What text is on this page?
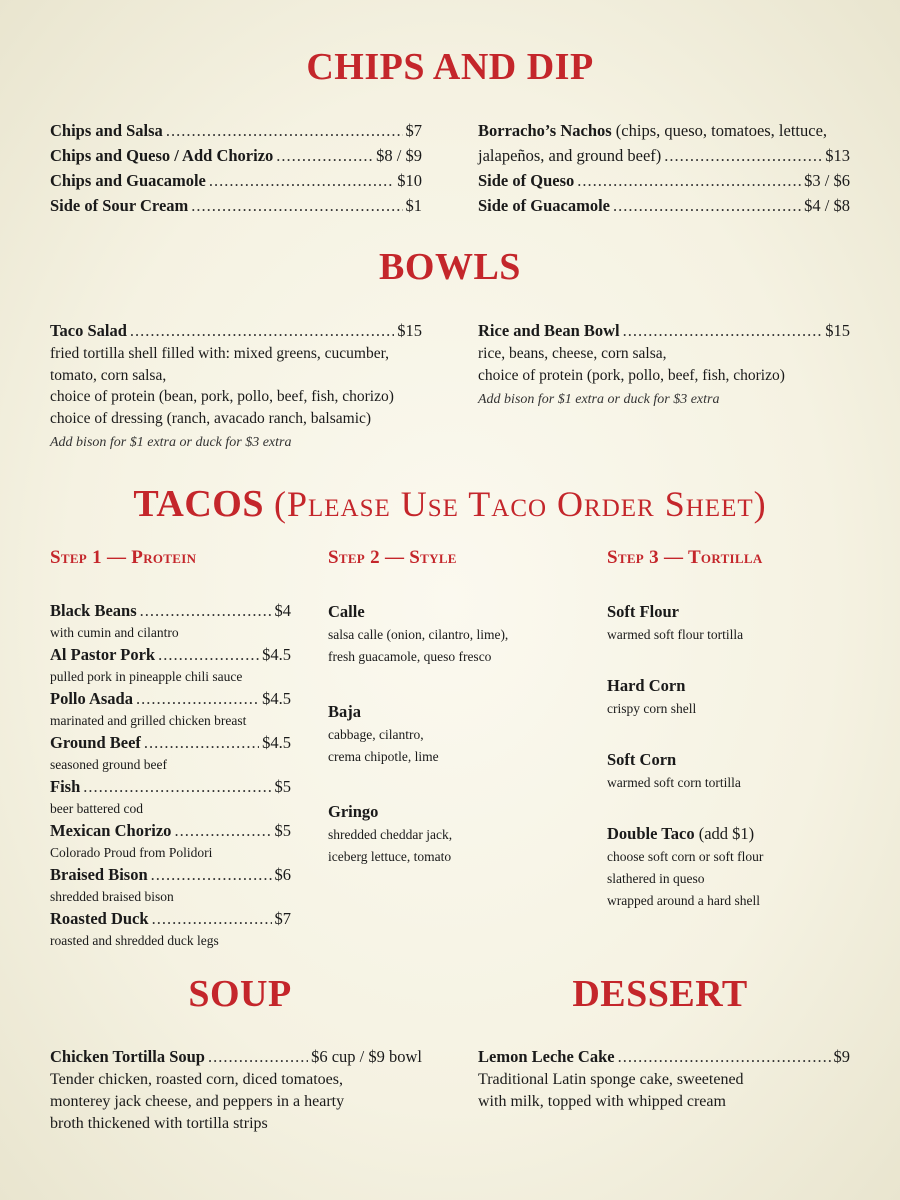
CHIPS AND DIP
Chips and Salsa .....	$7
Chips and Queso / Add Chorizo .....	$8 / $9
Chips and Guacamole .....	$10
Side of Sour Cream .....	$1
Borracho’s Nachos (chips, queso, tomatoes, lettuce,
jalapeños, and ground beef) .....	$13
Side of Queso .....	$3 / $6
Side of Guacamole .....	$4 / $8
BOWLS
Taco Salad .....	$15
fried tortilla shell filled with: mixed greens, cucumber,
tomato, corn salsa,
choice of protein (bean, pork, pollo, beef, fish, chorizo)
choice of dressing (ranch, avacado ranch, balsamic)
Add bison for $1 extra or duck for $3 extra
Rice and Bean Bowl .....	$15
rice, beans, cheese, corn salsa,
choice of protein (pork, pollo, beef, fish, chorizo)
Add bison for $1 extra or duck for $3 extra
TACOS (Please Use Taco Order Sheet)
Step 1 — Protein	Step 2 — Style	Step 3 — Tortilla
Black Beans .....	$4
with cumin and cilantro
Al Pastor Pork .....	$4.5
pulled pork in pineapple chili sauce
Pollo Asada .....	$4.5
marinated and grilled chicken breast
Ground Beef .....	$4.5
seasoned ground beef
Fish .....	$5
beer battered cod
Mexican Chorizo .....	$5
Colorado Proud from Polidori
Braised Bison .....	$6
shredded braised bison
Roasted Duck .....	$7
roasted and shredded duck legs
Calle
salsa calle (onion, cilantro, lime),
fresh guacamole, queso fresco
Baja
cabbage, cilantro,
crema chipotle, lime
Gringo
shredded cheddar jack,
iceberg lettuce, tomato
Soft Flour
warmed soft flour tortilla
Hard Corn
crispy corn shell
Soft Corn
warmed soft corn tortilla
Double Taco (add $1)
choose soft corn or soft flour
slathered in queso
wrapped around a hard shell
SOUP
Chicken Tortilla Soup .....	$6 cup / $9 bowl
Tender chicken, roasted corn, diced tomatoes,
monterey jack cheese, and peppers in a hearty
broth thickened with tortilla strips
DESSERT
Lemon Leche Cake .....	$9
Traditional Latin sponge cake, sweetened
with milk, topped with whipped cream
